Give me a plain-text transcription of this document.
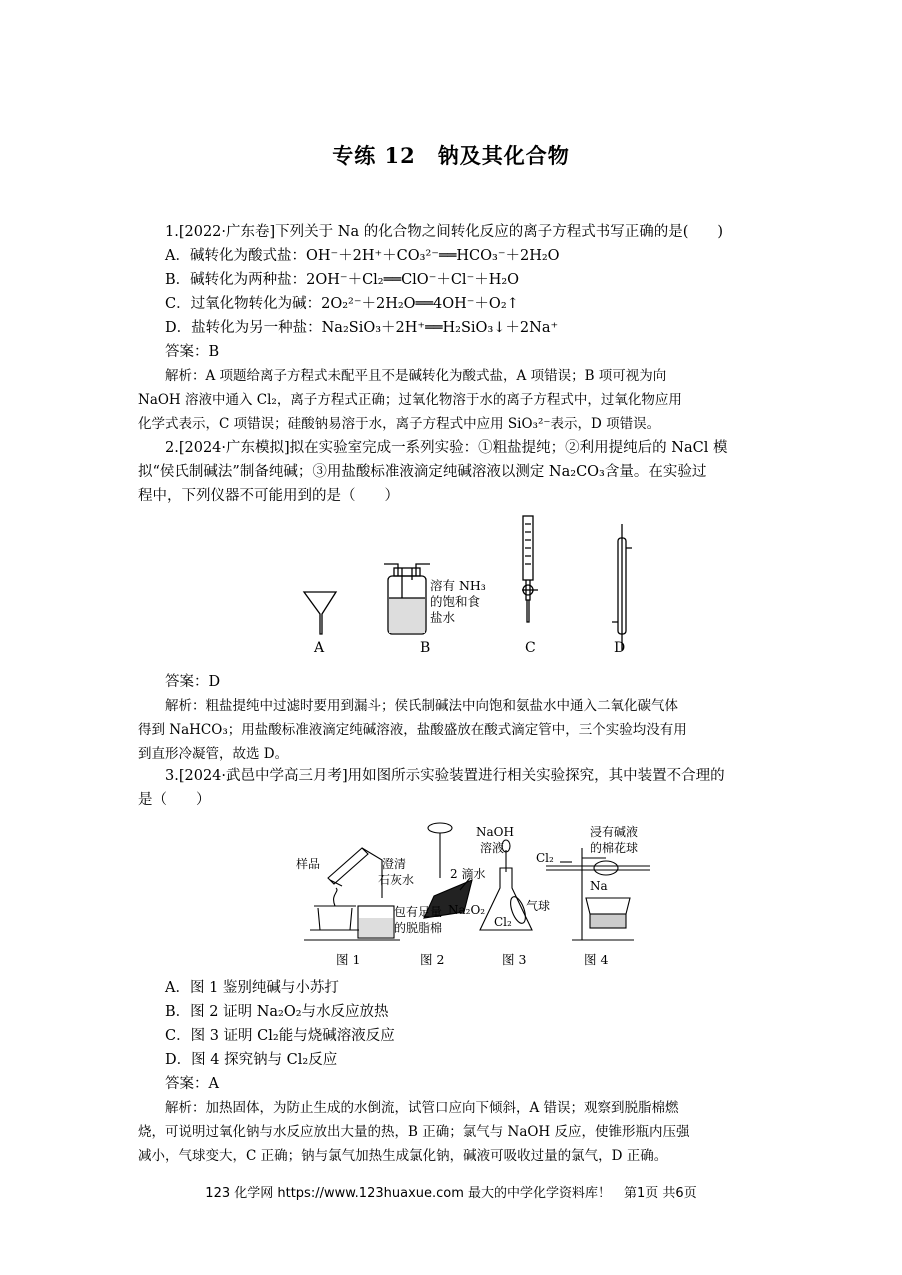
专练 12　钠及其化合物
1.[2022·广东卷]下列关于 Na 的化合物之间转化反应的离子方程式书写正确的是(　　)
A．碱转化为酸式盐：OH⁻＋2H⁺＋CO₃²⁻══HCO₃⁻＋2H₂O
B．碱转化为两种盐：2OH⁻＋Cl₂══ClO⁻＋Cl⁻＋H₂O
C．过氧化物转化为碱：2O₂²⁻＋2H₂O══4OH⁻＋O₂↑
D．盐转化为另一种盐：Na₂SiO₃＋2H⁺══H₂SiO₃↓＋2Na⁺
答案：B
解析：A 项题给离子方程式未配平且不是碱转化为酸式盐，A 项错误；B 项可视为向
NaOH 溶液中通入 Cl₂，离子方程式正确；过氧化物溶于水的离子方程式中，过氧化物应用
化学式表示，C 项错误；硅酸钠易溶于水，离子方程式中应用 SiO₃²⁻表示，D 项错误。
2.[2024·广东模拟]拟在实验室完成一系列实验：①粗盐提纯；②利用提纯后的 NaCl 模
拟“侯氏制碱法”制备纯碱；③用盐酸标准液滴定纯碱溶液以测定 Na₂CO₃含量。在实验过
程中，下列仪器不可能用到的是（　　）
溶有 NH₃
的饱和食
盐水
A	B	C	D
答案：D
解析：粗盐提纯中过滤时要用到漏斗；侯氏制碱法中向饱和氨盐水中通入二氧化碳气体
得到 NaHCO₃；用盐酸标准液滴定纯碱溶液，盐酸盛放在酸式滴定管中，三个实验均没有用
到直形冷凝管，故选 D。
3.[2024·武邑中学高三月考]用如图所示实验装置进行相关实验探究，其中装置不合理的
是（　　）
样品	澄清
石灰水	2 滴水
包有足量
的脱脂棉
Na₂O₂
NaOH
溶液
气球
Cl₂
Cl₂
浸有碱液
的棉花球
Na
图 1	图 2	图 3	图 4
A．图 1 鉴别纯碱与小苏打
B．图 2 证明 Na₂O₂与水反应放热
C．图 3 证明 Cl₂能与烧碱溶液反应
D．图 4 探究钠与 Cl₂反应
答案：A
解析：加热固体，为防止生成的水倒流，试管口应向下倾斜，A 错误；观察到脱脂棉燃
烧，可说明过氧化钠与水反应放出大量的热，B 正确；氯气与 NaOH 反应，使锥形瓶内压强
减小，气球变大，C 正确；钠与氯气加热生成氯化钠，碱液可吸收过量的氯气，D 正确。
123 化学网 https://www.123huaxue.com 最大的中学化学资料库！　第1页 共6页
